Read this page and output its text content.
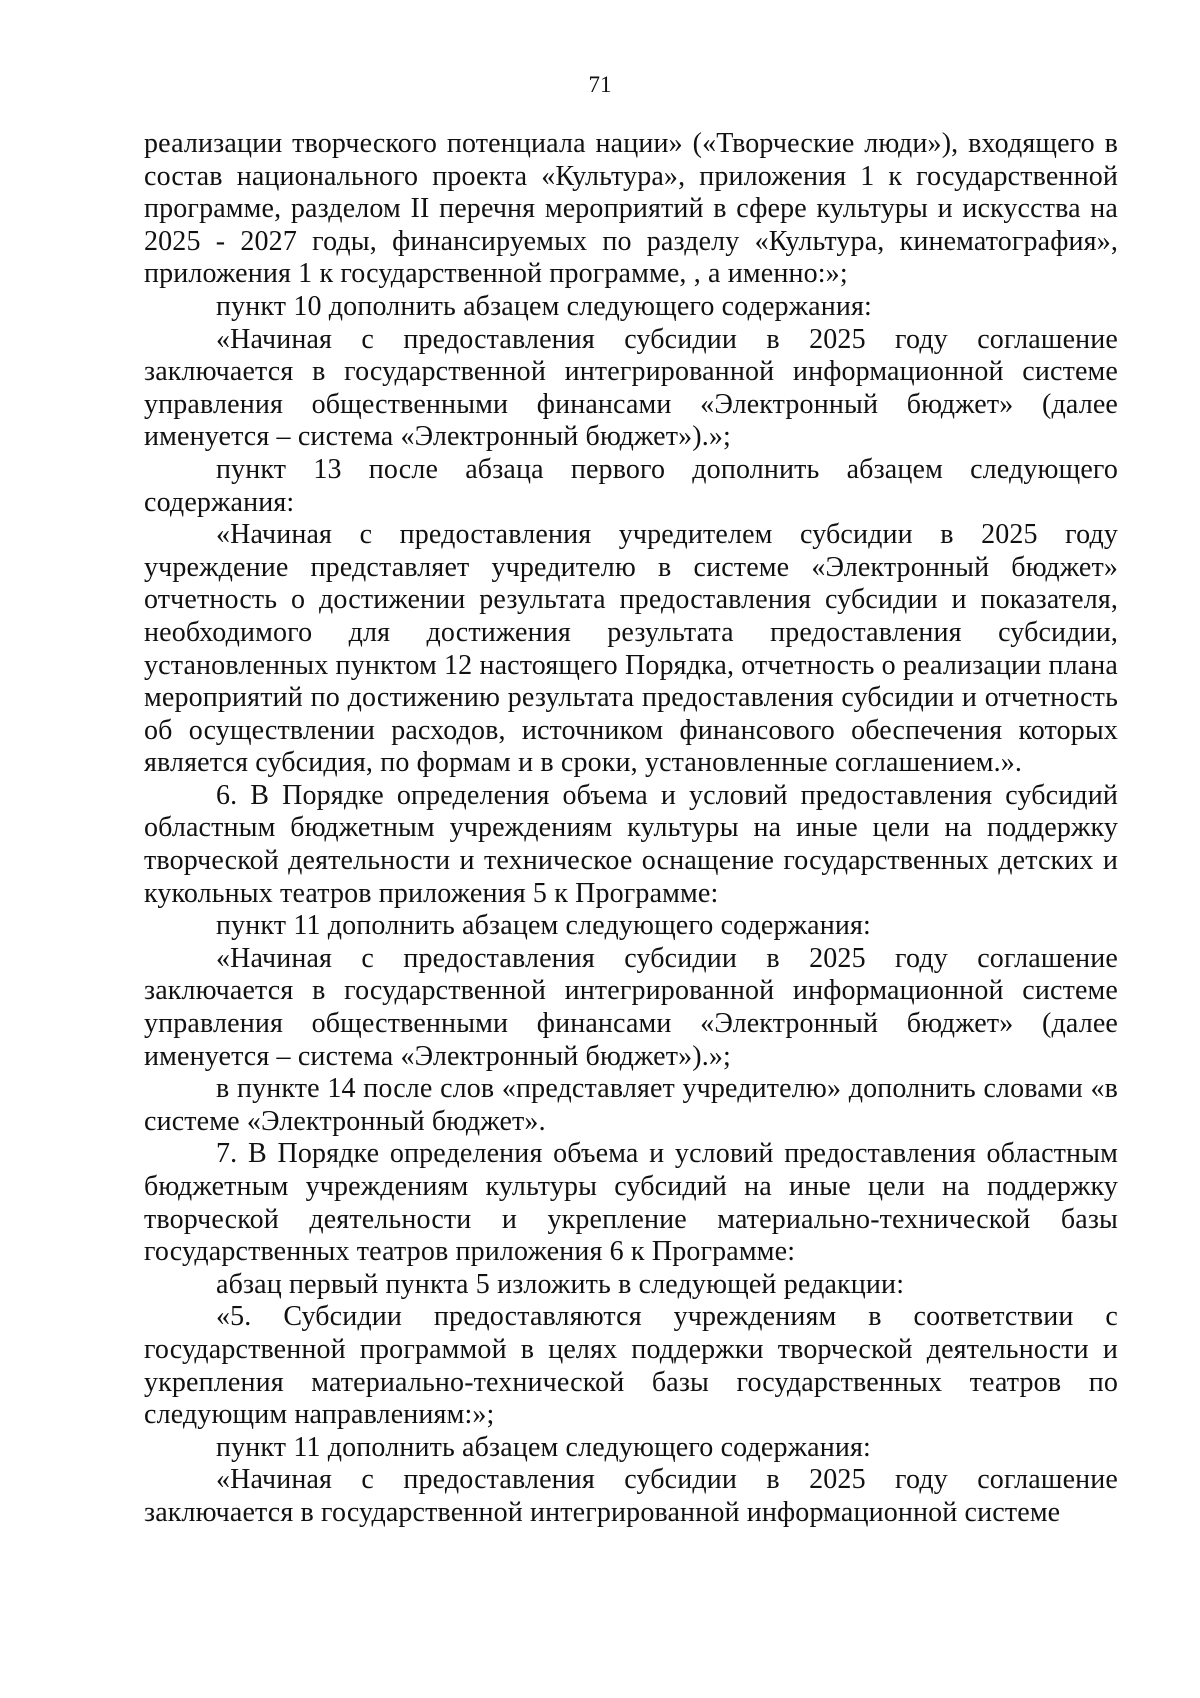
71

реализации творческого потенциала нации» («Творческие люди»), входящего в состав национального проекта «Культура», приложения 1 к государственной программе, разделом II перечня мероприятий в сфере культуры и искусства на 2025 - 2027 годы, финансируемых по разделу «Культура, кинематография», приложения 1 к государственной программе, , а именно:»;

пункт 10 дополнить абзацем следующего содержания:

«Начиная с предоставления субсидии в 2025 году соглашение заключается в государственной интегрированной информационной системе управления общественными финансами «Электронный бюджет» (далее именуется – система «Электронный бюджет»).»;

пункт 13 после абзаца первого дополнить абзацем следующего содержания:

«Начиная с предоставления учредителем субсидии в 2025 году учреждение представляет учредителю в системе «Электронный бюджет» отчетность о достижении результата предоставления субсидии и показателя, необходимого для достижения результата предоставления субсидии, установленных пунктом 12 настоящего Порядка, отчетность о реализации плана мероприятий по достижению результата предоставления субсидии и отчетность об осуществлении расходов, источником финансового обеспечения которых является субсидия, по формам и в сроки, установленные соглашением.».

6. В Порядке определения объема и условий предоставления субсидий областным бюджетным учреждениям культуры на иные цели на поддержку творческой деятельности и техническое оснащение государственных детских и кукольных театров приложения 5 к Программе:

пункт 11 дополнить абзацем следующего содержания:

«Начиная с предоставления субсидии в 2025 году соглашение заключается в государственной интегрированной информационной системе управления общественными финансами «Электронный бюджет» (далее именуется – система «Электронный бюджет»).»;

в пункте 14 после слов «представляет учредителю» дополнить словами «в системе «Электронный бюджет».

7. В Порядке определения объема и условий предоставления областным бюджетным учреждениям культуры субсидий на иные цели на поддержку творческой деятельности и укрепление материально-технической базы государственных театров приложения 6 к Программе:

абзац первый пункта 5 изложить в следующей редакции:

«5. Субсидии предоставляются учреждениям в соответствии с государственной программой в целях поддержки творческой деятельности и укрепления материально-технической базы государственных театров по следующим направлениям:»;

пункт 11 дополнить абзацем следующего содержания:

«Начиная с предоставления субсидии в 2025 году соглашение заключается в государственной интегрированной информационной системе
